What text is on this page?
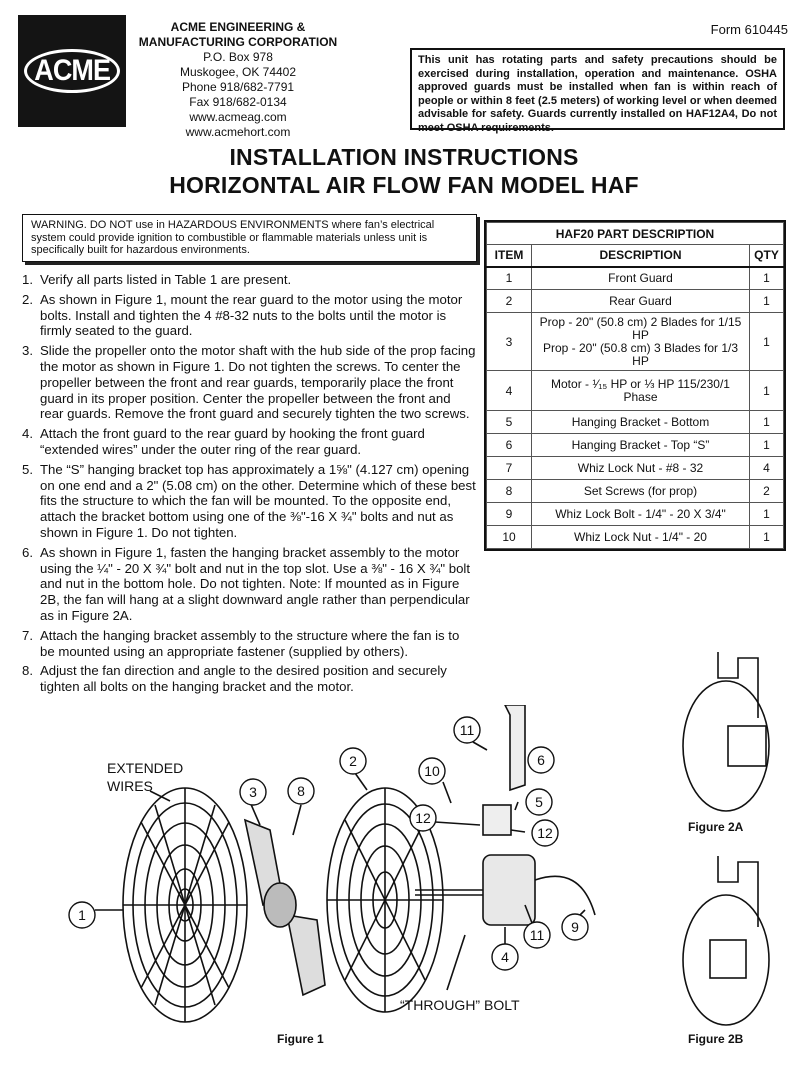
ACME
ACME ENGINEERING &
MANUFACTURING CORPORATION
P.O. Box 978
Muskogee, OK 74402
Phone 918/682-7791
Fax 918/682-0134
www.acmeag.com
www.acmehort.com
Form 610445
This unit has rotating parts and safety precautions should be exercised during installation, operation and maintenance. OSHA approved guards must be installed when fan is within reach of people or within 8 feet (2.5 meters) of working level or when deemed advisable for safety. Guards currently installed on HAF12A4, Do not meet OSHA requirements.
INSTALLATION INSTRUCTIONS
HORIZONTAL AIR FLOW FAN MODEL HAF
WARNING. DO NOT use in HAZARDOUS ENVIRONMENTS where fan’s electrical system could provide ignition to combustible or flammable materials unless unit is specifically built for hazardous environments.
1. Verify all parts listed in Table 1 are present.
2. As shown in Figure 1, mount the rear guard to the motor using the motor bolts. Install and tighten the 4 #8-32 nuts to the bolts until the motor is firmly seated to the guard.
3. Slide the propeller onto the motor shaft with the hub side of the prop facing the motor as shown in Figure 1. Do not tighten the screws. To center the propeller between the front and rear guards, temporarily place the front guard in its proper position. Center the propeller between the front and rear guards. Remove the front guard and securely tighten the two screws.
4. Attach the front guard to the rear guard by hooking the front guard “extended wires” under the outer ring of the rear guard.
5. The “S” hanging bracket top has approximately a 1⅝" (4.127 cm) opening on one end and a 2" (5.08 cm) on the other. Determine which of these best fits the structure to which the fan will be mounted. To the opposite end, attach the bracket bottom using one of the ⅜"-16 X ¾" bolts and nut as shown in Figure 1. Do not tighten.
6. As shown in Figure 1, fasten the hanging bracket assembly to the motor using the ¼" - 20 X ¾" bolt and nut in the top slot. Use a ⅜" - 16 X ¾" bolt and nut in the bottom hole. Do not tighten. Note: If mounted as in Figure 2B, the fan will hang at a slight downward angle rather than perpendicular as in Figure 2A.
7. Attach the hanging bracket assembly to the structure where the fan is to be mounted using an appropriate fastener (supplied by others).
8. Adjust the fan direction and angle to the desired position and securely tighten all bolts on the hanging bracket and the motor.
HAF20 PART DESCRIPTION		
ITEM	DESCRIPTION	QTY
1	Front Guard	1
2	Rear Guard	1
3	Prop - 20" (50.8 cm) 2 Blades for 1/15 HP
Prop - 20" (50.8 cm) 3 Blades for 1/3 HP	1
4	Motor - ¹⁄₁₅ HP or ⅓ HP 115/230/1 Phase	1
5	Hanging Bracket - Bottom	1
6	Hanging Bracket - Top “S”	1
7	Whiz Lock Nut - #8 - 32	4
8	Set Screws (for prop)	2
9	Whiz Lock Bolt - 1/4" - 20 X 3/4"	1
10	Whiz Lock Nut - 1/4" - 20	1
1
2
3	8
10
11
6
5
12
12
4
11 9
EXTENDED
WIRES
“THROUGH” BOLT
Figure 1
Figure 2A
Figure 2B
